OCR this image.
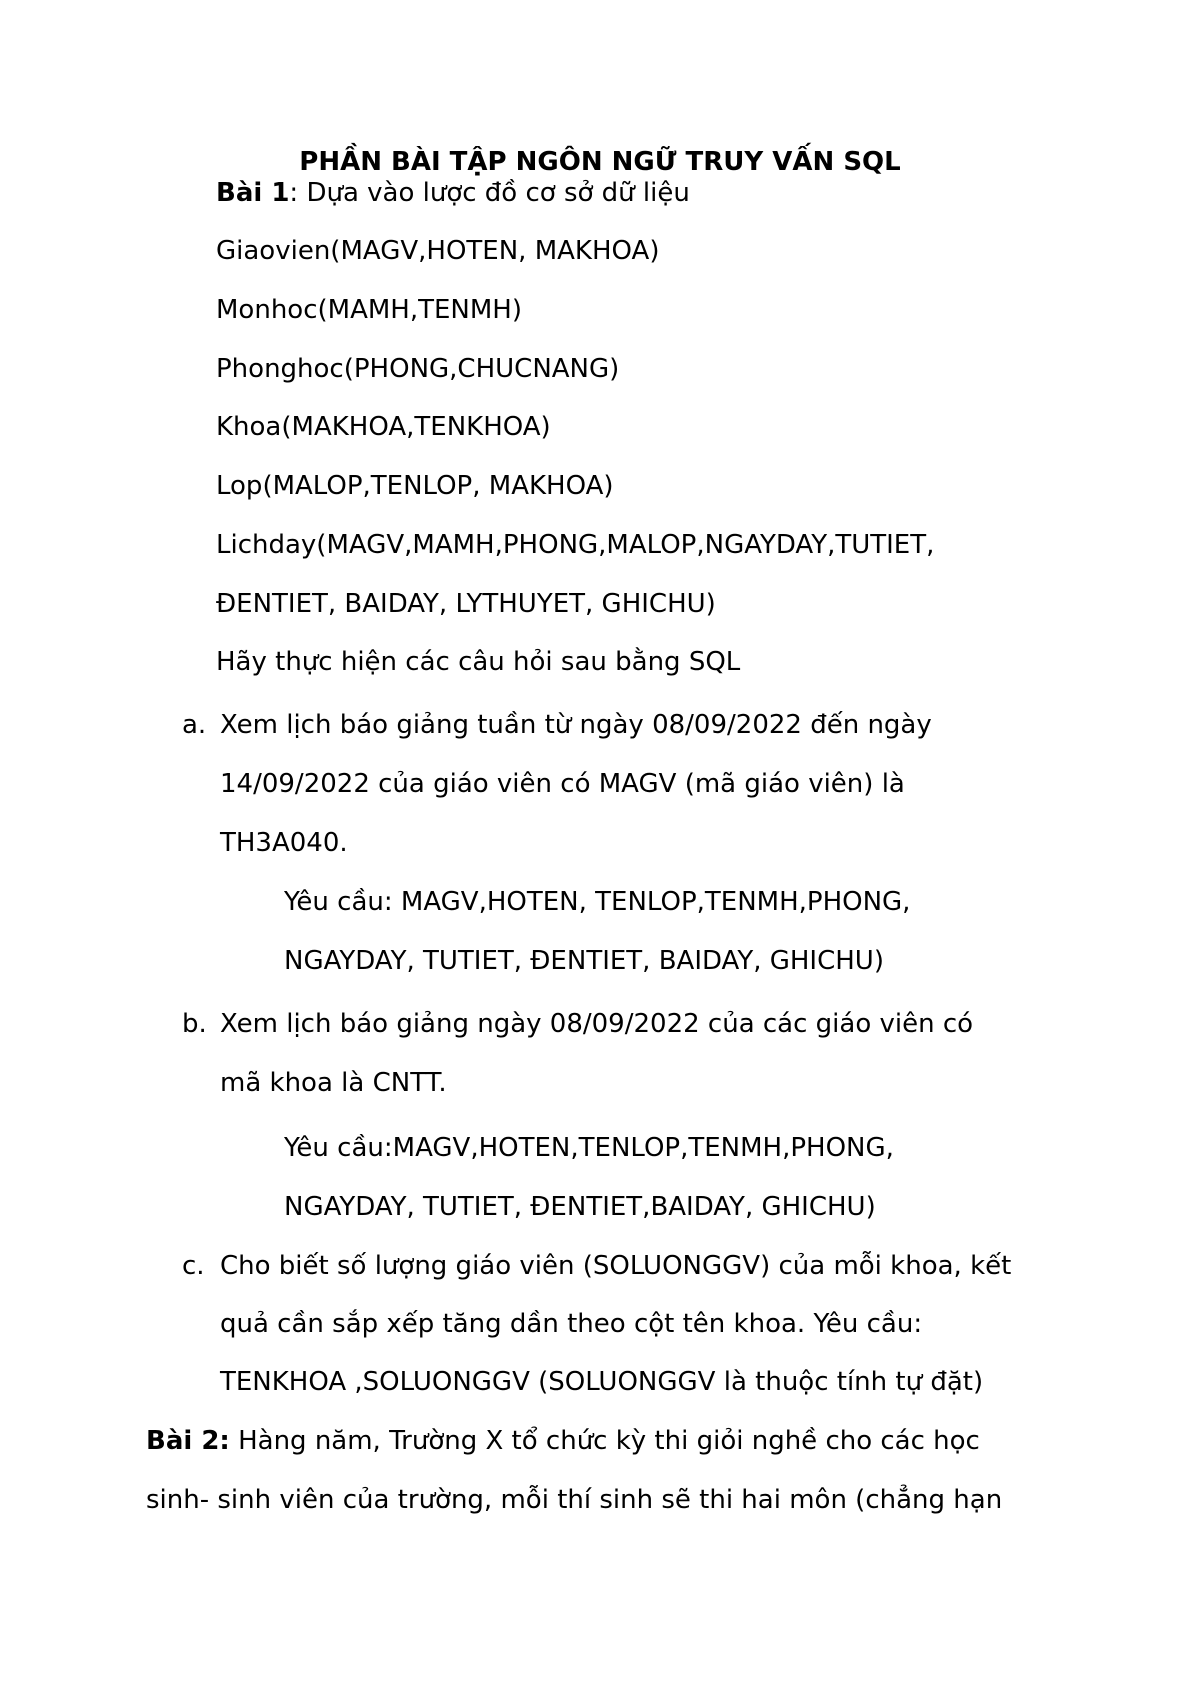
PHẦN BÀI TẬP NGÔN NGỮ TRUY VẤN SQL
Bài 1: Dựa vào lược đồ cơ sở dữ liệu
Giaovien(MAGV,HOTEN, MAKHOA)
Monhoc(MAMH,TENMH)
Phonghoc(PHONG,CHUCNANG)
Khoa(MAKHOA,TENKHOA)
Lop(MALOP,TENLOP, MAKHOA)
Lichday(MAGV,MAMH,PHONG,MALOP,NGAYDAY,TUTIET,
ĐENTIET, BAIDAY, LYTHUYET, GHICHU)
Hãy thực hiện các câu hỏi sau bằng SQL
a. Xem lịch báo giảng tuần từ ngày 08/09/2022 đến ngày
14/09/2022 của giáo viên có MAGV (mã giáo viên) là
TH3A040.
Yêu cầu: MAGV,HOTEN, TENLOP,TENMH,PHONG,
NGAYDAY, TUTIET, ĐENTIET, BAIDAY, GHICHU)
b. Xem lịch báo giảng ngày 08/09/2022 của các giáo viên có
mã khoa là CNTT.
Yêu cầu:MAGV,HOTEN,TENLOP,TENMH,PHONG,
NGAYDAY, TUTIET, ĐENTIET,BAIDAY, GHICHU)
c. Cho biết số lượng giáo viên (SOLUONGGV) của mỗi khoa, kết
quả cần sắp xếp tăng dần theo cột tên khoa. Yêu cầu:
TENKHOA ,SOLUONGGV (SOLUONGGV là thuộc tính tự đặt)
Bài 2: Hàng năm, Trường X tổ chức kỳ thi giỏi nghề cho các học
sinh- sinh viên của trường, mỗi thí sinh sẽ thi hai môn (chẳng hạn
